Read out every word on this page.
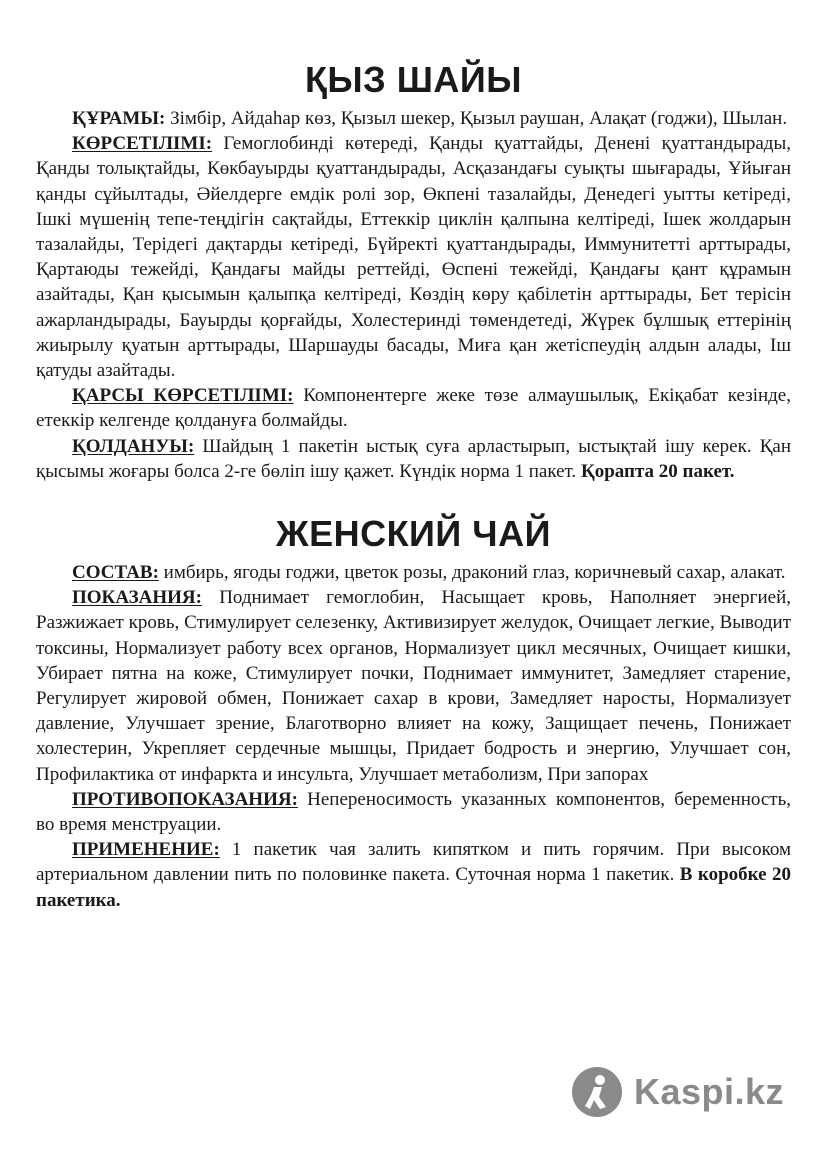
ҚЫЗ ШАЙЫ

ҚҰРАМЫ: Зімбір, Айдаһар көз, Қызыл шекер, Қызыл раушан, Алақат (годжи), Шылан.

КӨРСЕТІЛІМІ: Гемоглобинді көтереді, Қанды қуаттайды, Денені қуаттандырады, Қанды толықтайды, Көкбауырды қуаттандырады, Асқазандағы суықты шығарады, Ұйыған қанды сұйылтады, Әйелдерге емдік ролі зор, Өкпені тазалайды, Денедегі уытты кетіреді, Ішкі мүшенің тепе-теңдігін сақтайды, Еттеккір циклін қалпына келтіреді, Ішек жолдарын тазалайды, Терідегі дақтарды кетіреді, Бүйректі қуаттандырады, Иммунитетті арттырады, Қартаюды тежейді, Қандағы майды реттейді, Өспені тежейді, Қандағы қант құрамын азайтады, Қан қысымын қалыпқа келтіреді, Көздің көру қабілетін арттырады, Бет терісін ажарландырады, Бауырды қорғайды, Холестеринді төмендетеді, Жүрек бұлшық еттерінің жиырылу қуатын арттырады, Шаршауды басады, Миға қан жетіспеудің алдын алады, Іш қатуды азайтады.

ҚАРСЫ КӨРСЕТІЛІМІ: Компонентерге жеке төзе алмаушылық, Екіқабат кезінде, етеккір келгенде қолдануға болмайды.

ҚОЛДАНУЫ: Шайдың 1 пакетін ыстық суға арластырып, ыстықтай ішу керек. Қан қысымы жоғары болса 2-ге бөліп ішу қажет. Күндік норма 1 пакет. Қорапта 20 пакет.

ЖЕНСКИЙ ЧАЙ

СОСТАВ: имбирь, ягоды годжи, цветок розы, драконий глаз, коричневый сахар, алакат.

ПОКАЗАНИЯ: Поднимает гемоглобин, Насыщает кровь, Наполняет энергией, Разжижает кровь, Стимулирует селезенку, Активизирует желудок, Очищает легкие, Выводит токсины, Нормализует работу всех органов, Нормализует цикл месячных, Очищает кишки, Убирает пятна на коже, Стимулирует почки, Поднимает иммунитет, Замедляет старение, Регулирует жировой обмен, Понижает сахар в крови, Замедляет наросты, Нормализует давление, Улучшает зрение, Благотворно влияет на кожу, Защищает печень, Понижает холестерин, Укрепляет сердечные мышцы, Придает бодрость и энергию, Улучшает сон, Профилактика от инфаркта и инсульта, Улучшает метаболизм, При запорах

ПРОТИВОПОКАЗАНИЯ: Непереносимость указанных компонентов, беременность, во время менструации.

ПРИМЕНЕНИЕ: 1 пакетик чая залить кипятком и пить горячим. При высоком артериальном давлении пить по половинке пакета. Суточная норма 1 пакетик. В коробке 20 пакетика.

Kaspi.kz
